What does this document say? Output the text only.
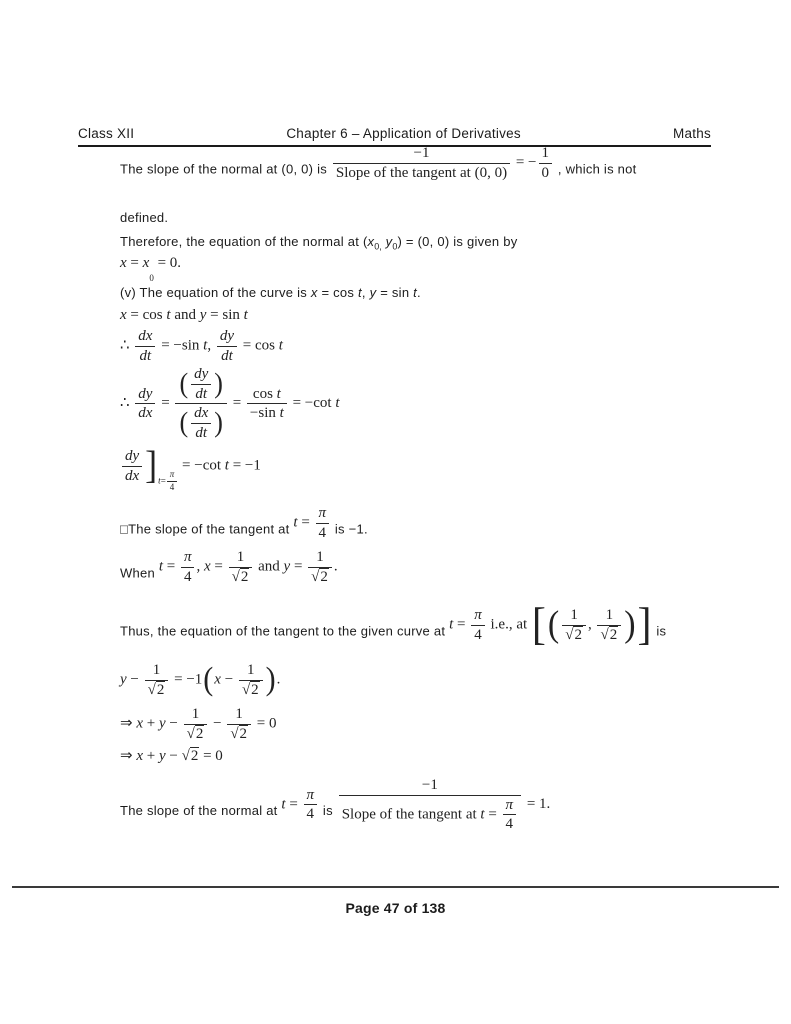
Class XII	Chapter 6 – Application of Derivatives	Maths
The slope of the normal at (0, 0) is $\frac{-1}{\text{Slope of the tangent at (0, 0)}}$ = − $\frac{1}{0}$ , which is not
defined.
Therefore, the equation of the normal at ($x_{0,}$ $y_0) = (0$, 0) is given by
x = x0 = 0.
(v) The equation of the curve is x = cos t, y = sin t.
x = cos t and y = sin t
∴ $\frac{dx}{dt} = -\sin$ t, $\frac{dy}{dt} = \cos t$
∴ $\frac{dy}{dx} = \frac{( \frac{dy}{dt} )}{( \frac{dx}{dt} )} = \frac{\text{cos t}}{\text{−sin t}} = -\cot$ t
$\frac{dy}{dx} ]t= \frac{\pi}{4}$
= −cot t = −1
□The slope of the tangent at $t = \frac{\pi}{4}$ is −1.
When $t = \frac{\pi}{4}$ , $x = \frac{1}{√2}$ and $y = \frac{1}{√2}$ .
Thus, the equation of the tangent to the given curve at $t = \frac{\pi}{4} i.e$., at [( $\frac{1}{√2}$ , $\frac{1}{√2}$ )] is
$y - \frac{1}{√2} = -1(x - \frac{1}{√2}$ ).
⇒ $x + y - \frac{1}{√2} - \frac{1}{√2} = 0$
⇒ x + y − √2 = 0
The slope of the normal at $t = \frac{\pi}{4}$ is $\frac{-1}{Slope of the tangent at t = \frac{\pi}{4}} = 1$.
Page 47 of 138
